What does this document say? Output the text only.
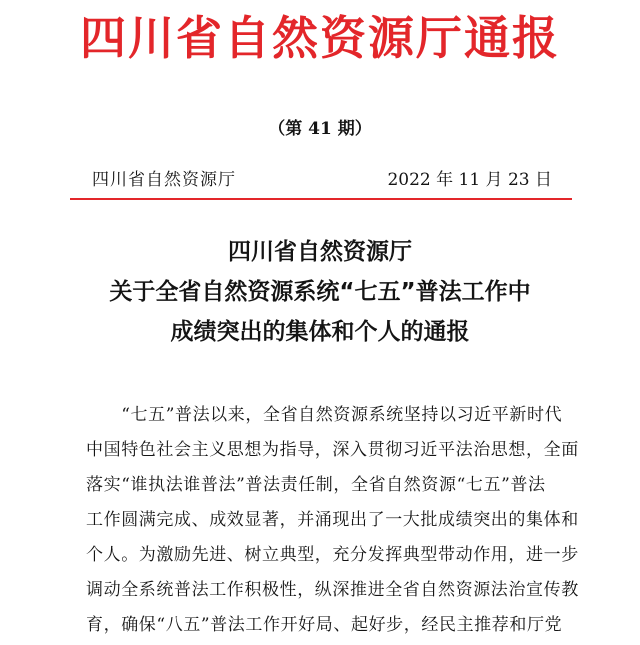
四川省自然资源厅通报
（第 41 期）
四川省自然资源厅	2022 年 11 月 23 日
四川省自然资源厅
关于全省自然资源系统“七五”普法工作中
成绩突出的集体和个人的通报
　　“七五”普法以来，全省自然资源系统坚持以习近平新时代
中国特色社会主义思想为指导，深入贯彻习近平法治思想，全面
落实“谁执法谁普法”普法责任制，全省自然资源“七五”普法
工作圆满完成、成效显著，并涌现出了一大批成绩突出的集体和
个人。为激励先进、树立典型，充分发挥典型带动作用，进一步
调动全系统普法工作积极性，纵深推进全省自然资源法治宣传教
育，确保“八五”普法工作开好局、起好步，经民主推荐和厅党
